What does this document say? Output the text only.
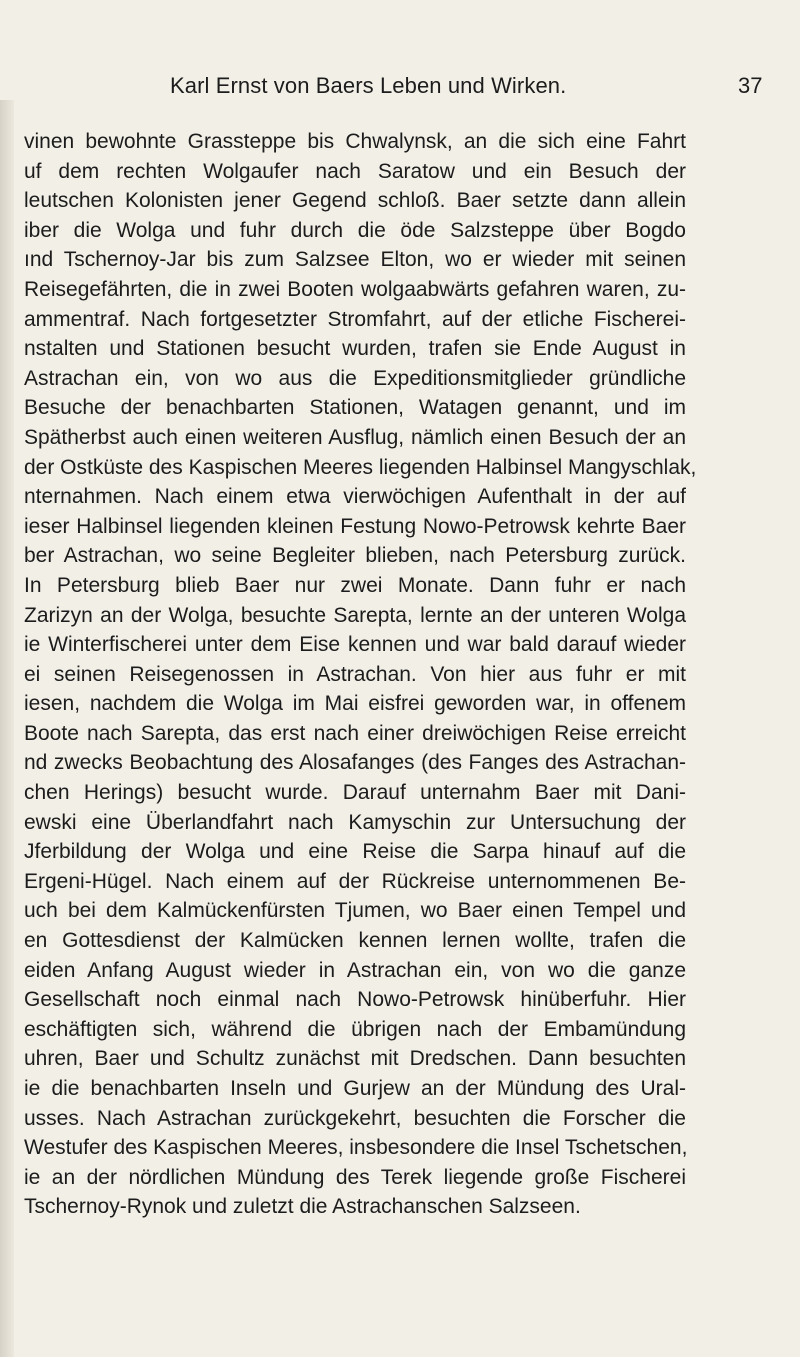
Karl Ernst von Baers Leben und Wirken.	37
vinen bewohnte Grassteppe bis Chwalynsk, an die sich eine Fahrt
uf dem rechten Wolgaufer nach Saratow und ein Besuch der
leutschen Kolonisten jener Gegend schloß. Baer setzte dann allein
iber die Wolga und fuhr durch die öde Salzsteppe über Bogdo
ınd Tschernoy-Jar bis zum Salzsee Elton, wo er wieder mit seinen
Reisegefährten, die in zwei Booten wolgaabwärts gefahren waren, zu-
ammentraf. Nach fortgesetzter Stromfahrt, auf der etliche Fischerei-
nstalten und Stationen besucht wurden, trafen sie Ende August in
Astrachan ein, von wo aus die Expeditionsmitglieder gründliche
Besuche der benachbarten Stationen, Watagen genannt, und im
Spätherbst auch einen weiteren Ausflug, nämlich einen Besuch der an
der Ostküste des Kaspischen Meeres liegenden Halbinsel Mangyschlak,
nternahmen. Nach einem etwa vierwöchigen Aufenthalt in der auf
ieser Halbinsel liegenden kleinen Festung Nowo-Petrowsk kehrte Baer
ber Astrachan, wo seine Begleiter blieben, nach Petersburg zurück.
In Petersburg blieb Baer nur zwei Monate. Dann fuhr er nach
Zarizyn an der Wolga, besuchte Sarepta, lernte an der unteren Wolga
ie Winterfischerei unter dem Eise kennen und war bald darauf wieder
ei seinen Reisegenossen in Astrachan. Von hier aus fuhr er mit
iesen, nachdem die Wolga im Mai eisfrei geworden war, in offenem
Boote nach Sarepta, das erst nach einer dreiwöchigen Reise erreicht
nd zwecks Beobachtung des Alosafanges (des Fanges des Astrachan-
chen Herings) besucht wurde. Darauf unternahm Baer mit Dani-
ewski eine Überlandfahrt nach Kamyschin zur Untersuchung der
Jferbildung der Wolga und eine Reise die Sarpa hinauf auf die
Ergeni-Hügel. Nach einem auf der Rückreise unternommenen Be-
uch bei dem Kalmückenfürsten Tjumen, wo Baer einen Tempel und
en Gottesdienst der Kalmücken kennen lernen wollte, trafen die
eiden Anfang August wieder in Astrachan ein, von wo die ganze
Gesellschaft noch einmal nach Nowo-Petrowsk hinüberfuhr. Hier
eschäftigten sich, während die übrigen nach der Embamündung
uhren, Baer und Schultz zunächst mit Dredschen. Dann besuchten
ie die benachbarten Inseln und Gurjew an der Mündung des Ural-
usses. Nach Astrachan zurückgekehrt, besuchten die Forscher die
Westufer des Kaspischen Meeres, insbesondere die Insel Tschetschen,
ie an der nördlichen Mündung des Terek liegende große Fischerei
Tschernoy-Rynok und zuletzt die Astrachanschen Salzseen.
